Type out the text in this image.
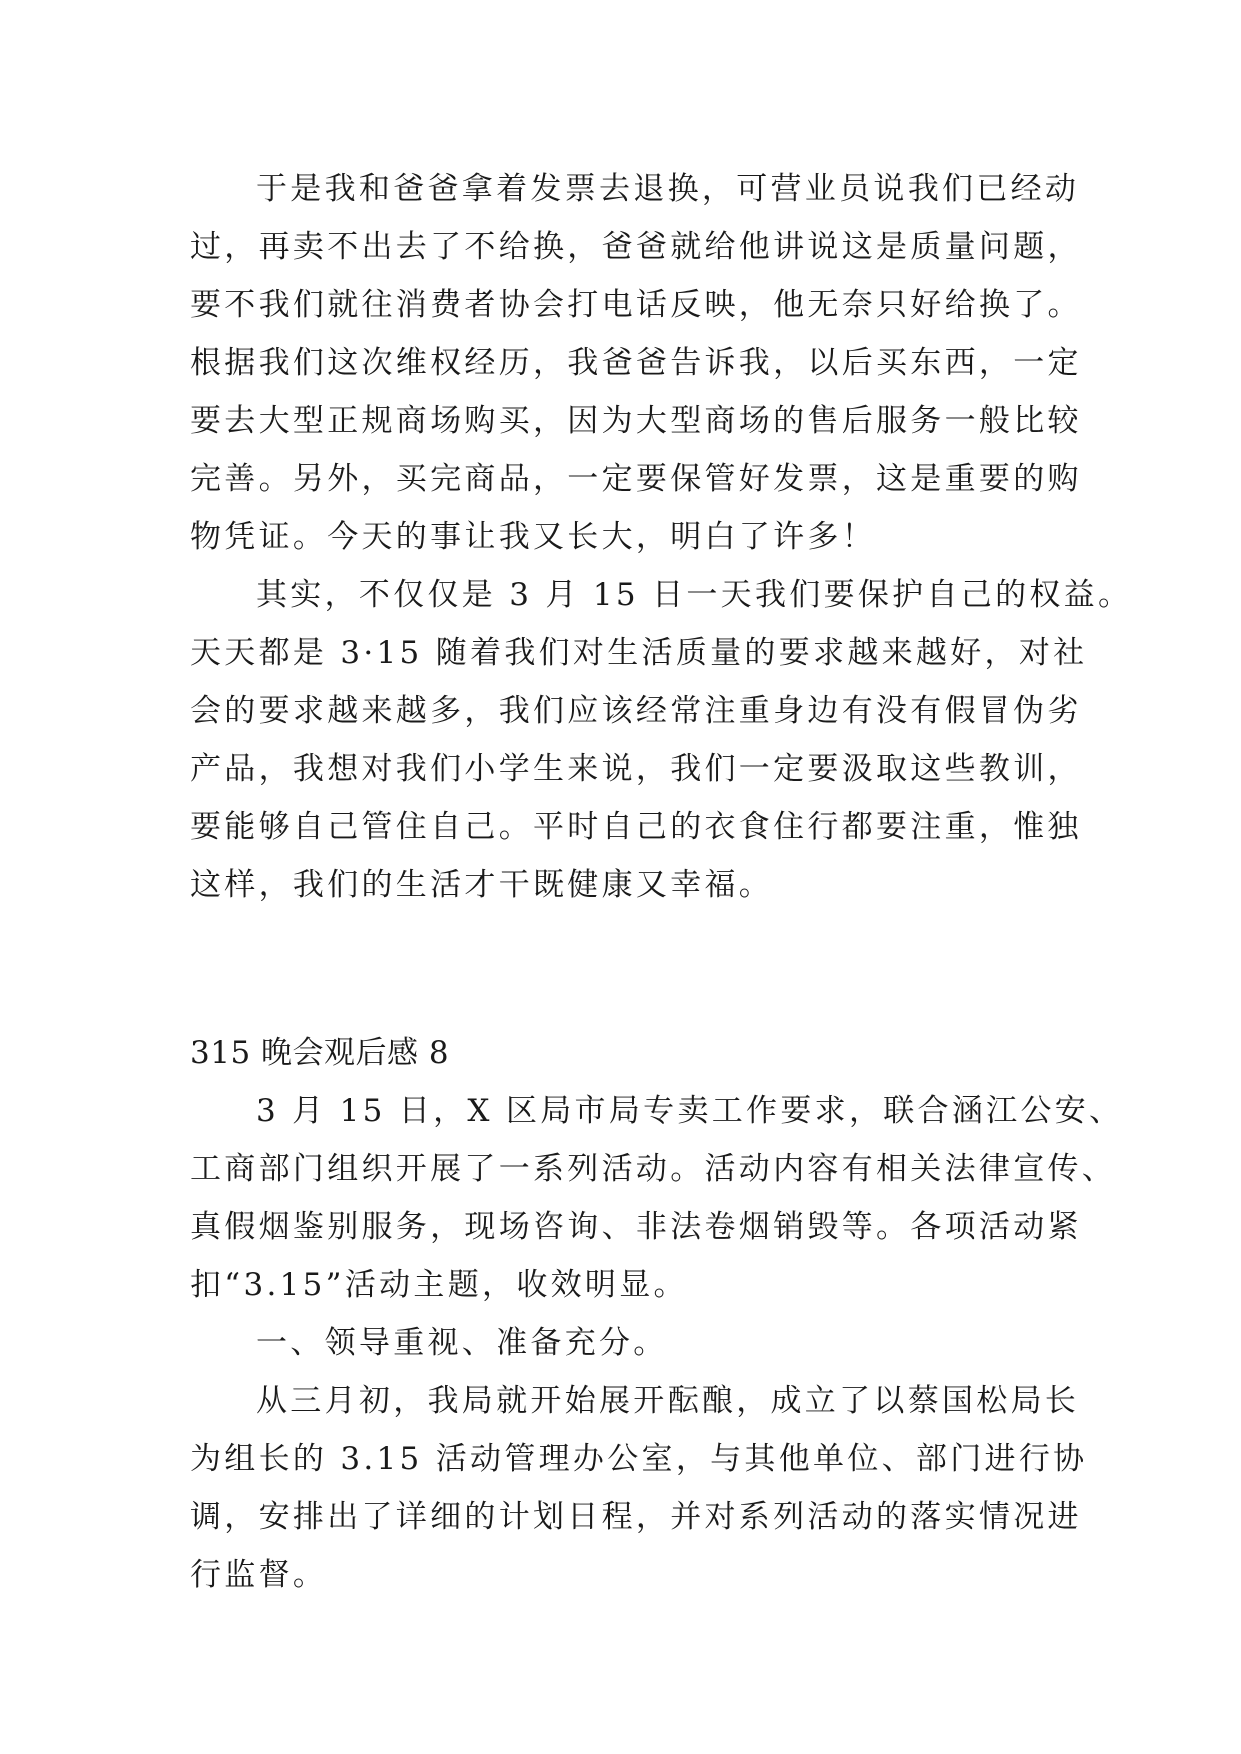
于是我和爸爸拿着发票去退换，可营业员说我们已经动
过，再卖不出去了不给换，爸爸就给他讲说这是质量问题，
要不我们就往消费者协会打电话反映，他无奈只好给换了。
根据我们这次维权经历，我爸爸告诉我，以后买东西，一定
要去大型正规商场购买，因为大型商场的售后服务一般比较
完善。另外，买完商品，一定要保管好发票，这是重要的购
物凭证。今天的事让我又长大，明白了许多！
其实，不仅仅是 3 月 15 日一天我们要保护自己的权益。
天天都是 3·15 随着我们对生活质量的要求越来越好，对社
会的要求越来越多，我们应该经常注重身边有没有假冒伪劣
产品，我想对我们小学生来说，我们一定要汲取这些教训，
要能够自己管住自己。平时自己的衣食住行都要注重，惟独
这样，我们的生活才干既健康又幸福。
315 晚会观后感 8
3 月 15 日，X 区局市局专卖工作要求，联合涵江公安、
工商部门组织开展了一系列活动。活动内容有相关法律宣传、
真假烟鉴别服务，现场咨询、非法卷烟销毁等。各项活动紧
扣“3.15”活动主题，收效明显。
一、领导重视、准备充分。
从三月初，我局就开始展开酝酿，成立了以蔡国松局长
为组长的 3.15 活动管理办公室，与其他单位、部门进行协
调，安排出了详细的计划日程，并对系列活动的落实情况进
行监督。
